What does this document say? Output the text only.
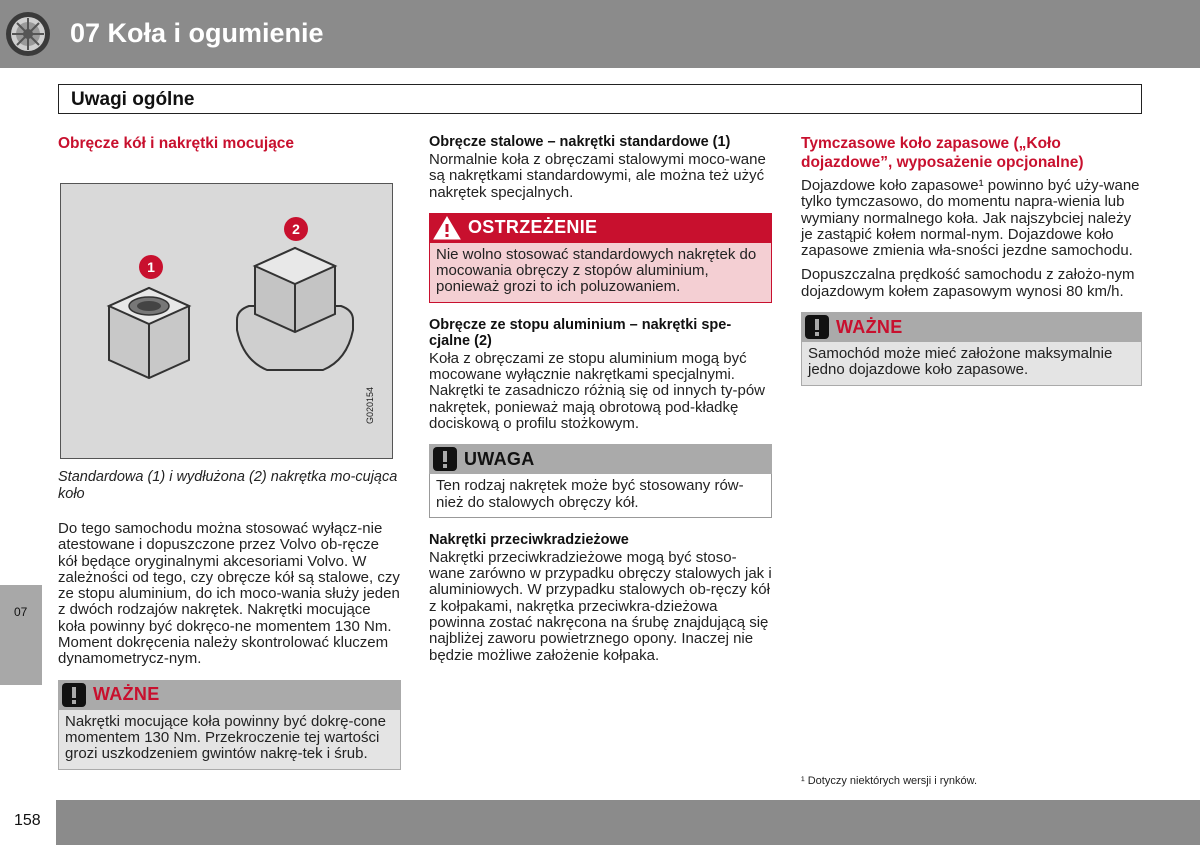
07 Koła i ogumienie
Uwagi ogólne
07
Obręcze kół i nakrętki mocujące
1
2
G020154
Standardowa (1) i wydłużona (2) nakrętka mo-cująca koło

Do tego samochodu można stosować wyłącz-nie atestowane i dopuszczone przez Volvo ob-ręcze kół będące oryginalnymi akcesoriami Volvo. W zależności od tego, czy obręcze kół są stalowe, czy ze stopu aluminium, do ich moco-wania służy jeden z dwóch rodzajów nakrętek. Nakrętki mocujące koła powinny być dokręco-ne momentem 130 Nm. Moment dokręcenia należy skontrolować kluczem dynamometrycz-nym.

WAŻNE
Nakrętki mocujące koła powinny być dokrę-cone momentem 130 Nm. Przekroczenie tej wartości grozi uszkodzeniem gwintów nakrę-tek i śrub.
Obręcze stalowe – nakrętki standardowe (1)

Normalnie koła z obręczami stalowymi moco-wane są nakrętkami standardowymi, ale można też użyć nakrętek specjalnych.

OSTRZEŻENIE
Nie wolno stosować standardowych nakrętek do mocowania obręczy z stopów aluminium, ponieważ grozi to ich poluzowaniem.
Obręcze ze stopu aluminium – nakrętki spe-cjalne (2)

Koła z obręczami ze stopu aluminium mogą być mocowane wyłącznie nakrętkami specjalnymi. Nakrętki te zasadniczo różnią się od innych ty-pów nakrętek, ponieważ mają obrotową pod-kładkę dociskową o profilu stożkowym.

UWAGA
Ten rodzaj nakrętek może być stosowany rów-nież do stalowych obręczy kół.
Nakrętki przeciwkradzieżowe

Nakrętki przeciwkradzieżowe mogą być stoso-wane zarówno w przypadku obręczy stalowych jak i aluminiowych. W przypadku stalowych ob-ręczy kół z kołpakami, nakrętka przeciwkra-dzieżowa powinna zostać nakręcona na śrubę znajdującą się najbliżej zaworu powietrznego opony. Inaczej nie będzie możliwe założenie kołpaka.

Tymczasowe koło zapasowe („Koło dojazdowe”, wyposażenie opcjonalne)

Dojazdowe koło zapasowe¹ powinno być uży-wane tylko tymczasowo, do momentu napra-wienia lub wymiany normalnego koła. Jak najszybciej należy je zastąpić kołem normal-nym. Dojazdowe koło zapasowe zmienia wła-sności jezdne samochodu.

Dopuszczalna prędkość samochodu z założo-nym dojazdowym kołem zapasowym wynosi 80 km/h.

WAŻNE
Samochód może mieć założone maksymalnie jedno dojazdowe koło zapasowe.
¹ Dotyczy niektórych wersji i rynków.
158
